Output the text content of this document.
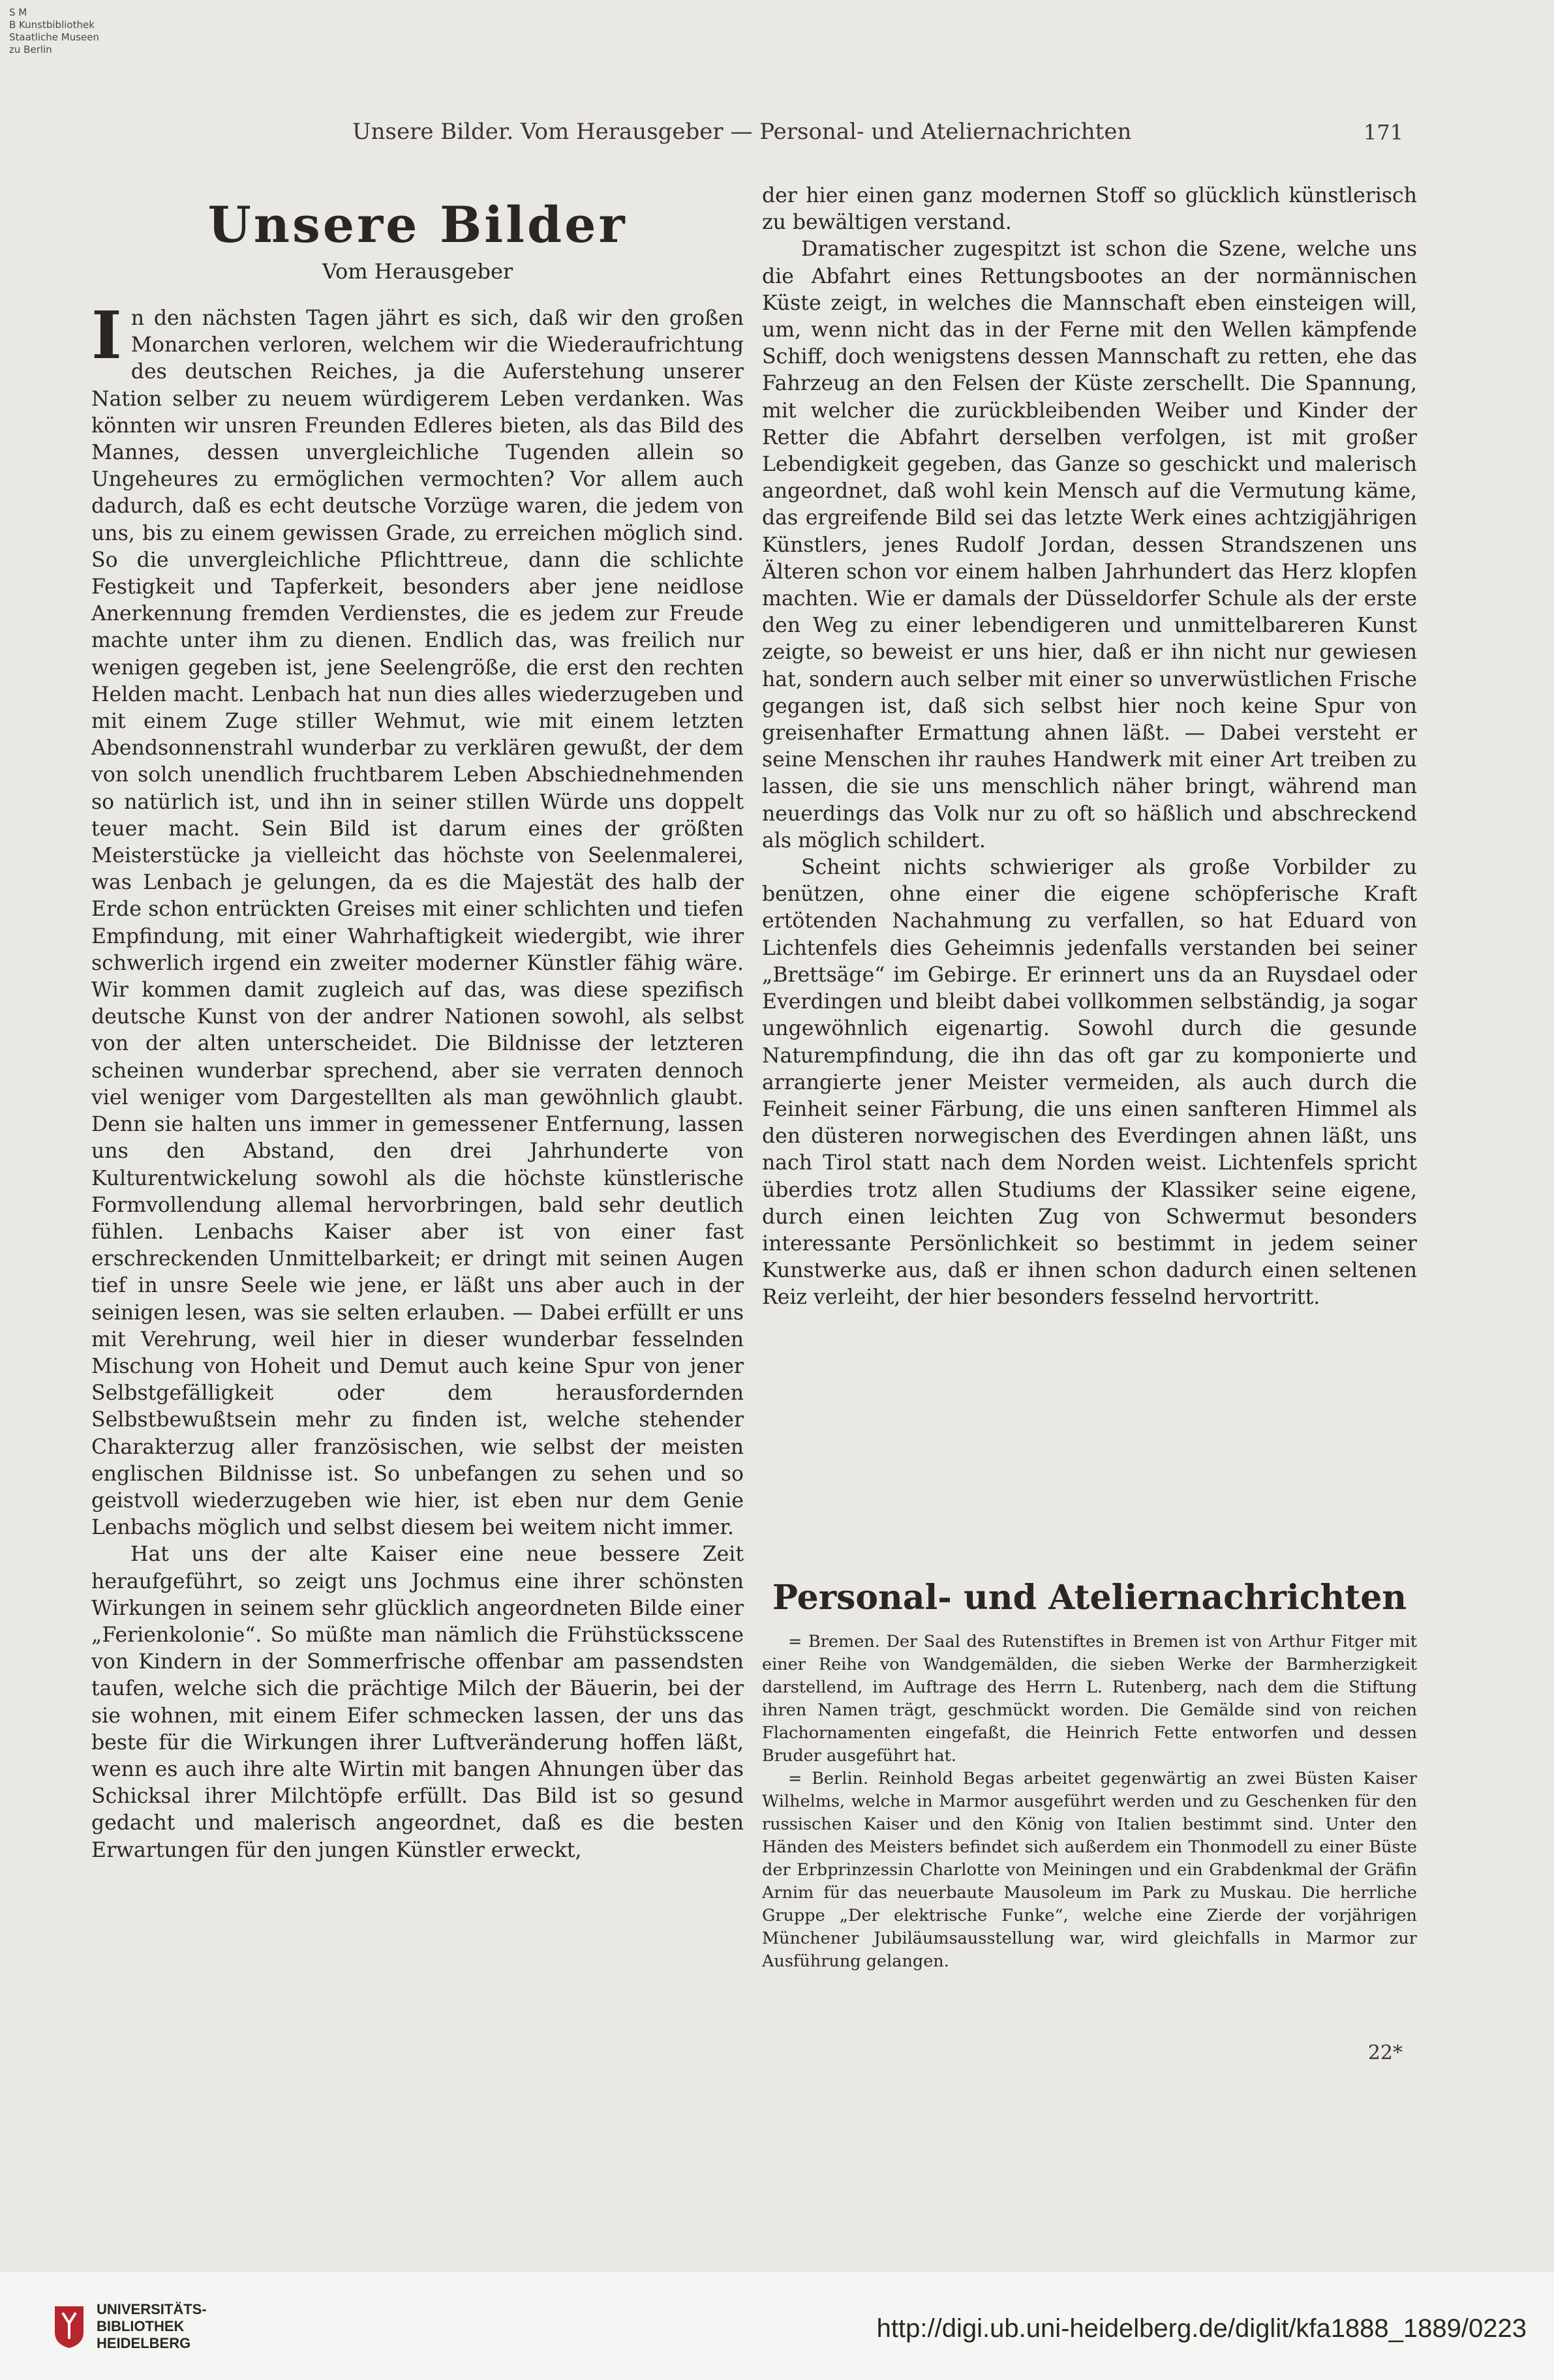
S M
B Kunstbibliothek
Staatliche Museen
zu Berlin
Unsere Bilder. Vom Herausgeber — Personal- und Ateliernachrichten	171
Unsere Bilder
Vom Herausgeber

In den nächsten Tagen jährt es sich, daß wir den großen Monarchen verloren, welchem wir die Wiederaufrichtung des deutschen Reiches, ja die Auferstehung unserer Nation selber zu neuem würdigerem Leben verdanken. Was könnten wir unsren Freunden Edleres bieten, als das Bild des Mannes, dessen unvergleichliche Tugenden allein so Ungeheures zu ermöglichen vermochten? Vor allem auch dadurch, daß es echt deutsche Vorzüge waren, die jedem von uns, bis zu einem gewissen Grade, zu erreichen möglich sind. So die unvergleichliche Pflichttreue, dann die schlichte Festigkeit und Tapferkeit, besonders aber jene neidlose Anerkennung fremden Verdienstes, die es jedem zur Freude machte unter ihm zu dienen. Endlich das, was freilich nur wenigen gegeben ist, jene Seelengröße, die erst den rechten Helden macht. Lenbach hat nun dies alles wiederzugeben und mit einem Zuge stiller Wehmut, wie mit einem letzten Abendsonnenstrahl wunderbar zu verklären gewußt, der dem von solch unendlich fruchtbarem Leben Abschiednehmenden so natürlich ist, und ihn in seiner stillen Würde uns doppelt teuer macht. Sein Bild ist darum eines der größten Meisterstücke ja vielleicht das höchste von Seelenmalerei, was Lenbach je gelungen, da es die Majestät des halb der Erde schon entrückten Greises mit einer schlichten und tiefen Empfindung, mit einer Wahrhaftigkeit wiedergibt, wie ihrer schwerlich irgend ein zweiter moderner Künstler fähig wäre. Wir kommen damit zugleich auf das, was diese spezifisch deutsche Kunst von der andrer Nationen sowohl, als selbst von der alten unterscheidet. Die Bildnisse der letzteren scheinen wunderbar sprechend, aber sie verraten dennoch viel weniger vom Dargestellten als man gewöhnlich glaubt. Denn sie halten uns immer in gemessener Entfernung, lassen uns den Abstand, den drei Jahrhunderte von Kulturentwickelung sowohl als die höchste künstlerische Formvollendung allemal hervorbringen, bald sehr deutlich fühlen. Lenbachs Kaiser aber ist von einer fast erschreckenden Unmittelbarkeit; er dringt mit seinen Augen tief in unsre Seele wie jene, er läßt uns aber auch in der seinigen lesen, was sie selten erlauben. — Dabei erfüllt er uns mit Verehrung, weil hier in dieser wunderbar fesselnden Mischung von Hoheit und Demut auch keine Spur von jener Selbstgefälligkeit oder dem herausfordernden Selbstbewußtsein mehr zu finden ist, welche stehender Charakterzug aller französischen, wie selbst der meisten englischen Bildnisse ist. So unbefangen zu sehen und so geistvoll wiederzugeben wie hier, ist eben nur dem Genie Lenbachs möglich und selbst diesem bei weitem nicht immer.

Hat uns der alte Kaiser eine neue bessere Zeit heraufgeführt, so zeigt uns Jochmus eine ihrer schönsten Wirkungen in seinem sehr glücklich angeordneten Bilde einer „Ferienkolonie“. So müßte man nämlich die Frühstücksscene von Kindern in der Sommerfrische offenbar am passendsten taufen, welche sich die prächtige Milch der Bäuerin, bei der sie wohnen, mit einem Eifer schmecken lassen, der uns das beste für die Wirkungen ihrer Luftveränderung hoffen läßt, wenn es auch ihre alte Wirtin mit bangen Ahnungen über das Schicksal ihrer Milchtöpfe erfüllt. Das Bild ist so gesund gedacht und malerisch angeordnet, daß es die besten Erwartungen für den jungen Künstler erweckt,

der hier einen ganz modernen Stoff so glücklich künstlerisch zu bewältigen verstand.

Dramatischer zugespitzt ist schon die Szene, welche uns die Abfahrt eines Rettungsbootes an der normännischen Küste zeigt, in welches die Mannschaft eben einsteigen will, um, wenn nicht das in der Ferne mit den Wellen kämpfende Schiff, doch wenigstens dessen Mannschaft zu retten, ehe das Fahrzeug an den Felsen der Küste zerschellt. Die Spannung, mit welcher die zurückbleibenden Weiber und Kinder der Retter die Abfahrt derselben verfolgen, ist mit großer Lebendigkeit gegeben, das Ganze so geschickt und malerisch angeordnet, daß wohl kein Mensch auf die Vermutung käme, das ergreifende Bild sei das letzte Werk eines achtzigjährigen Künstlers, jenes Rudolf Jordan, dessen Strandszenen uns Älteren schon vor einem halben Jahrhundert das Herz klopfen machten. Wie er damals der Düsseldorfer Schule als der erste den Weg zu einer lebendigeren und unmittelbareren Kunst zeigte, so beweist er uns hier, daß er ihn nicht nur gewiesen hat, sondern auch selber mit einer so unverwüstlichen Frische gegangen ist, daß sich selbst hier noch keine Spur von greisenhafter Ermattung ahnen läßt. — Dabei versteht er seine Menschen ihr rauhes Handwerk mit einer Art treiben zu lassen, die sie uns menschlich näher bringt, während man neuerdings das Volk nur zu oft so häßlich und abschreckend als möglich schildert.

Scheint nichts schwieriger als große Vorbilder zu benützen, ohne einer die eigene schöpferische Kraft ertötenden Nachahmung zu verfallen, so hat Eduard von Lichtenfels dies Geheimnis jedenfalls verstanden bei seiner „Brettsäge“ im Gebirge. Er erinnert uns da an Ruysdael oder Everdingen und bleibt dabei vollkommen selbständig, ja sogar ungewöhnlich eigenartig. Sowohl durch die gesunde Naturempfindung, die ihn das oft gar zu komponierte und arrangierte jener Meister vermeiden, als auch durch die Feinheit seiner Färbung, die uns einen sanfteren Himmel als den düsteren norwegischen des Everdingen ahnen läßt, uns nach Tirol statt nach dem Norden weist. Lichtenfels spricht überdies trotz allen Studiums der Klassiker seine eigene, durch einen leichten Zug von Schwermut besonders interessante Persönlichkeit so bestimmt in jedem seiner Kunstwerke aus, daß er ihnen schon dadurch einen seltenen Reiz verleiht, der hier besonders fesselnd hervortritt.

Personal- und Ateliernachrichten

= Bremen. Der Saal des Rutenstiftes in Bremen ist von Arthur Fitger mit einer Reihe von Wandgemälden, die sieben Werke der Barmherzigkeit darstellend, im Auftrage des Herrn L. Rutenberg, nach dem die Stiftung ihren Namen trägt, geschmückt worden. Die Gemälde sind von reichen Flachornamenten eingefaßt, die Heinrich Fette entworfen und dessen Bruder ausgeführt hat.

= Berlin. Reinhold Begas arbeitet gegenwärtig an zwei Büsten Kaiser Wilhelms, welche in Marmor ausgeführt werden und zu Geschenken für den russischen Kaiser und den König von Italien bestimmt sind. Unter den Händen des Meisters befindet sich außerdem ein Thonmodell zu einer Büste der Erbprinzessin Charlotte von Meiningen und ein Grabdenkmal der Gräfin Arnim für das neuerbaute Mausoleum im Park zu Muskau. Die herrliche Gruppe „Der elektrische Funke“, welche eine Zierde der vorjährigen Münchener Jubiläumsausstellung war, wird gleichfalls in Marmor zur Ausführung gelangen.

22*
UNIVERSITÄTS-
BIBLIOTHEK
HEIDELBERG
http://digi.ub.uni-heidelberg.de/diglit/kfa1888_1889/0223
